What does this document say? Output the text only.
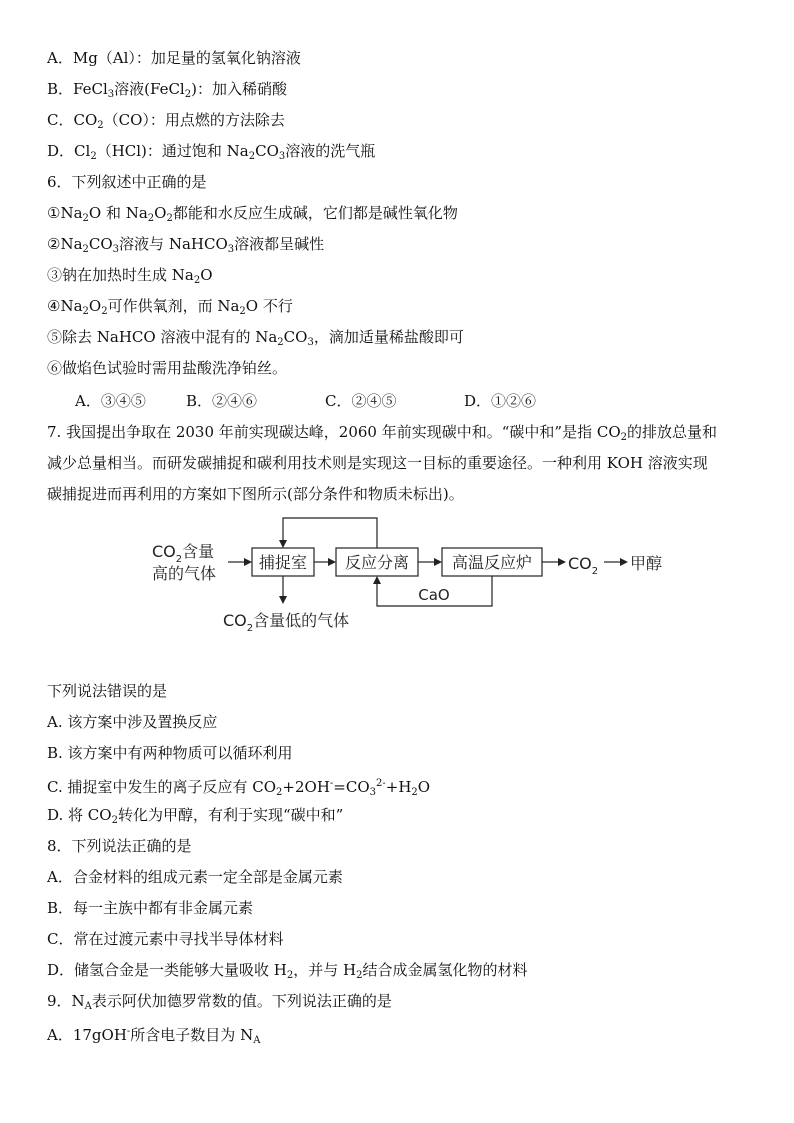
A．Mg（Al）：加足量的氢氧化钠溶液
B．FeCl$_3$溶液(FeCl$_2$)：加入稀硝酸
C．$CO_2(CO)$：用点燃的方法除去
D．$Cl_2(HCl)$：通过饱和 $Na_2CO_3$溶液的洗气瓶
6．下列叙述中正确的是
$①Na_2O$ 和 $Na_2O_2$都能和水反应生成碱，它们都是碱性氧化物
$②Na_2CO_3$溶液与 NaHCO$_3$溶液都呈碱性
③钠在加热时生成 $Na_2O$
$④Na_2O_2$可作供氧剂，而 $Na_2O$ 不行
⑤除去 NaHCO 溶液中混有的 $Na_2CO_3$，滴加适量稀盐酸即可
⑥做焰色试验时需用盐酸洗净铂丝。
A．③④⑤	B．②④⑥	C．②④⑤	D．①②⑥
7. 我国提出争取在 2030 年前实现碳达峰，2060 年前实现碳中和。“碳中和”是指 $CO_2$的排放总量和
减少总量相当。而研发碳捕捉和碳利用技术则是实现这一目标的重要途径。一种利用 KOH 溶液实现
碳捕捉进而再利用的方案如下图所示(部分条件和物质未标出)。
$CO_2$含量
高的气体
捕捉室 反应分离	高温反应炉 $CO_2$ 甲醇
CaO
$CO_2$含量低的气体
下列说法错误的是
A. 该方案中涉及置换反应
B. 该方案中有两种物质可以循环利用
C. 捕捉室中发生的离子反应有 $CO_2+2OH^-=CO_3^{2-}+H_2O$
D. 将 $CO_2$转化为甲醇，有利于实现“碳中和”
8．下列说法正确的是
A．合金材料的组成元素一定全部是金属元素
B．每一主族中都有非金属元素
C．常在过渡元素中寻找半导体材料
D．储氢合金是一类能够大量吸收 $H_2$，并与 $H_2$结合成金属氢化物的材料
9．$N_A$表示阿伏加德罗常数的值。下列说法正确的是
A．17gOH-所含电子数目为 $N_A$
